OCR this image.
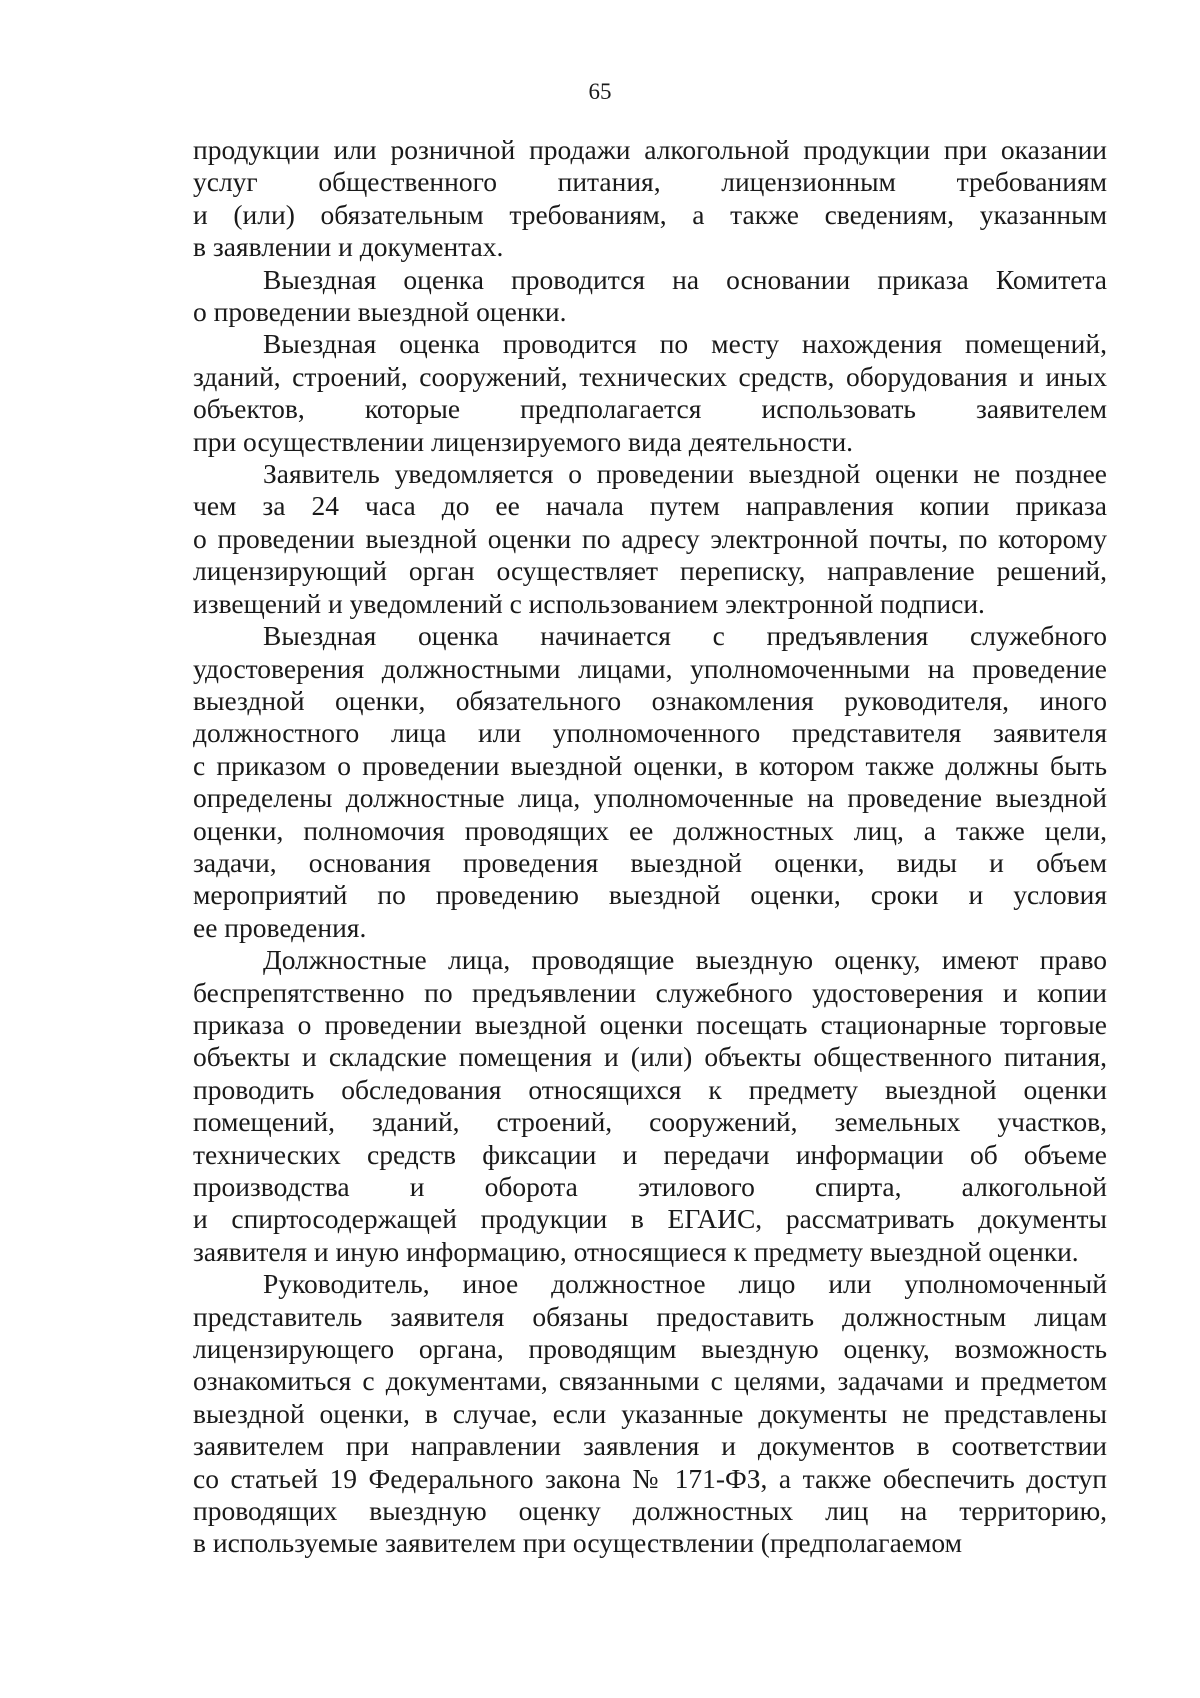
65
продукции или розничной продажи алкогольной продукции при оказании
услуг общественного питания, лицензионным требованиям
и (или) обязательным требованиям, а также сведениям, указанным
в заявлении и документах.
Выездная оценка проводится на основании приказа Комитета
о проведении выездной оценки.
Выездная оценка проводится по месту нахождения помещений,
зданий, строений, сооружений, технических средств, оборудования и иных
объектов, которые предполагается использовать заявителем
при осуществлении лицензируемого вида деятельности.
Заявитель уведомляется о проведении выездной оценки не позднее
чем за 24 часа до ее начала путем направления копии приказа
о проведении выездной оценки по адресу электронной почты, по которому
лицензирующий орган осуществляет переписку, направление решений,
извещений и уведомлений с использованием электронной подписи.
Выездная оценка начинается с предъявления служебного
удостоверения должностными лицами, уполномоченными на проведение
выездной оценки, обязательного ознакомления руководителя, иного
должностного лица или уполномоченного представителя заявителя
с приказом о проведении выездной оценки, в котором также должны быть
определены должностные лица, уполномоченные на проведение выездной
оценки, полномочия проводящих ее должностных лиц, а также цели,
задачи, основания проведения выездной оценки, виды и объем
мероприятий по проведению выездной оценки, сроки и условия
ее проведения.
Должностные лица, проводящие выездную оценку, имеют право
беспрепятственно по предъявлении служебного удостоверения и копии
приказа о проведении выездной оценки посещать стационарные торговые
объекты и складские помещения и (или) объекты общественного питания,
проводить обследования относящихся к предмету выездной оценки
помещений, зданий, строений, сооружений, земельных участков,
технических средств фиксации и передачи информации об объеме
производства и оборота этилового спирта, алкогольной
и спиртосодержащей продукции в ЕГАИС, рассматривать документы
заявителя и иную информацию, относящиеся к предмету выездной оценки.
Руководитель, иное должностное лицо или уполномоченный
представитель заявителя обязаны предоставить должностным лицам
лицензирующего органа, проводящим выездную оценку, возможность
ознакомиться с документами, связанными с целями, задачами и предметом
выездной оценки, в случае, если указанные документы не представлены
заявителем при направлении заявления и документов в соответствии
со статьей 19 Федерального закона № 171-ФЗ, а также обеспечить доступ
проводящих выездную оценку должностных лиц на территорию,
в используемые заявителем при осуществлении (предполагаемом
